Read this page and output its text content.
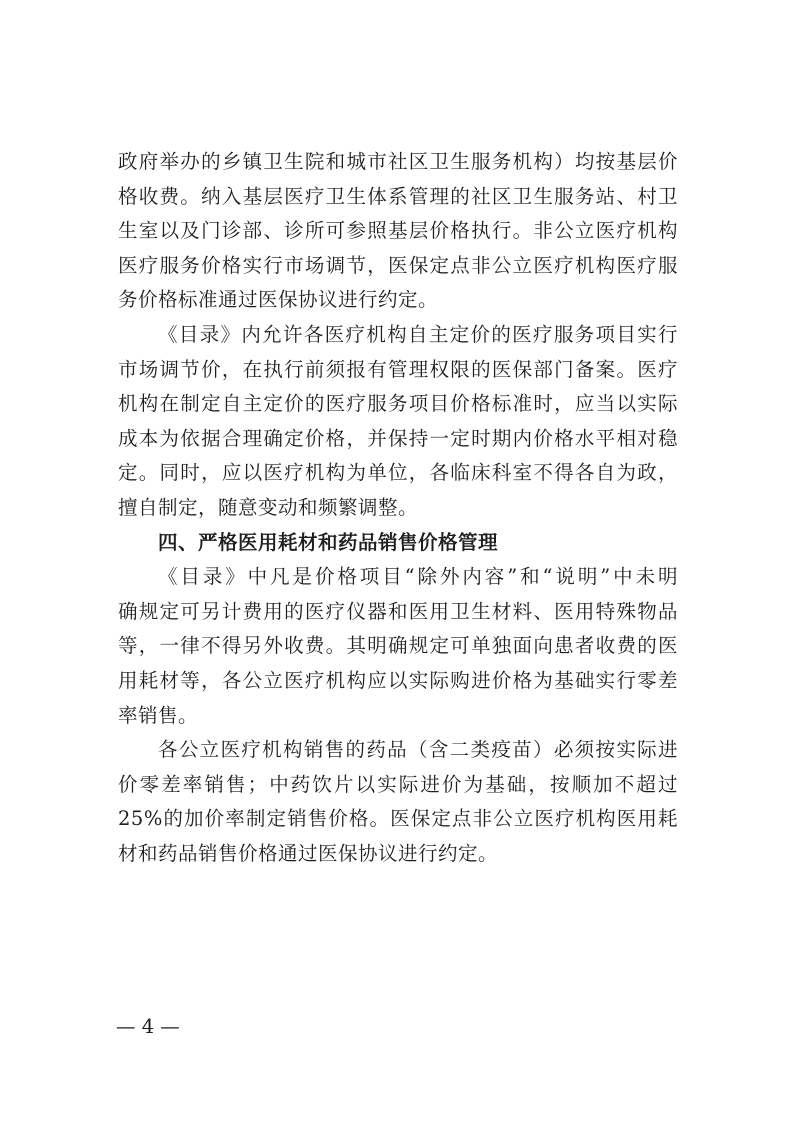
政府举办的乡镇卫生院和城市社区卫生服务机构）均按基层价
格收费。纳入基层医疗卫生体系管理的社区卫生服务站、村卫
生室以及门诊部、诊所可参照基层价格执行。非公立医疗机构
医疗服务价格实行市场调节，医保定点非公立医疗机构医疗服
务价格标准通过医保协议进行约定。
《目录》内允许各医疗机构自主定价的医疗服务项目实行
市场调节价，在执行前须报有管理权限的医保部门备案。医疗
机构在制定自主定价的医疗服务项目价格标准时，应当以实际
成本为依据合理确定价格，并保持一定时期内价格水平相对稳
定。同时，应以医疗机构为单位，各临床科室不得各自为政，
擅自制定，随意变动和频繁调整。
四、严格医用耗材和药品销售价格管理
《目录》中凡是价格项目“除外内容”和“说明”中未明
确规定可另计费用的医疗仪器和医用卫生材料、医用特殊物品
等，一律不得另外收费。其明确规定可单独面向患者收费的医
用耗材等，各公立医疗机构应以实际购进价格为基础实行零差
率销售。
各公立医疗机构销售的药品（含二类疫苗）必须按实际进
价零差率销售；中药饮片以实际进价为基础，按顺加不超过
25%的加价率制定销售价格。医保定点非公立医疗机构医用耗
材和药品销售价格通过医保协议进行约定。
— 4 —
